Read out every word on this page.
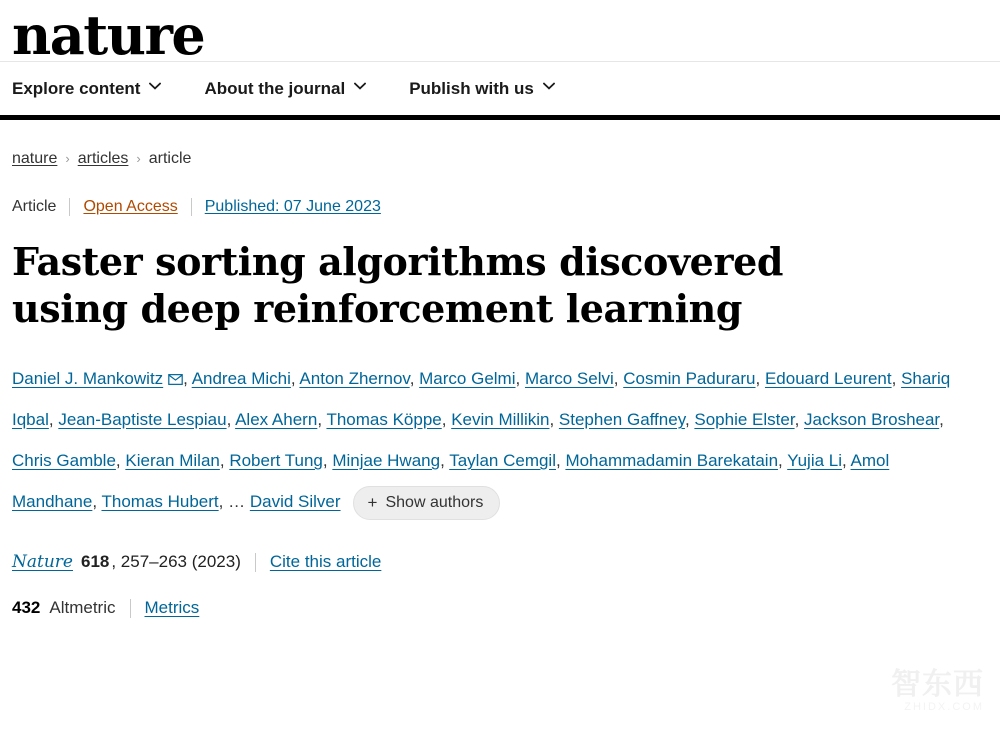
nature
Explore content	About the journal	Publish with us
nature › articles › article
Article Open Access Published: 07 June 2023
Faster sorting algorithms discovered using deep reinforcement learning
Daniel J. Mankowitz , Andrea Michi, Anton Zhernov, Marco Gelmi, Marco Selvi, Cosmin Paduraru, Edouard Leurent, Shariq Iqbal, Jean-Baptiste Lespiau, Alex Ahern, Thomas Köppe, Kevin Millikin, Stephen Gaffney, Sophie Elster, Jackson Broshear, Chris Gamble, Kieran Milan, Robert Tung, Minjae Hwang, Taylan Cemgil, Mohammadamin Barekatain, Yujia Li, Amol Mandhane, Thomas Hubert, … David Silver + Show authors
Nature 618 , 257–263 (2023) Cite this article
432 Altmetric Metrics
智东西
ZHIDX.COM
